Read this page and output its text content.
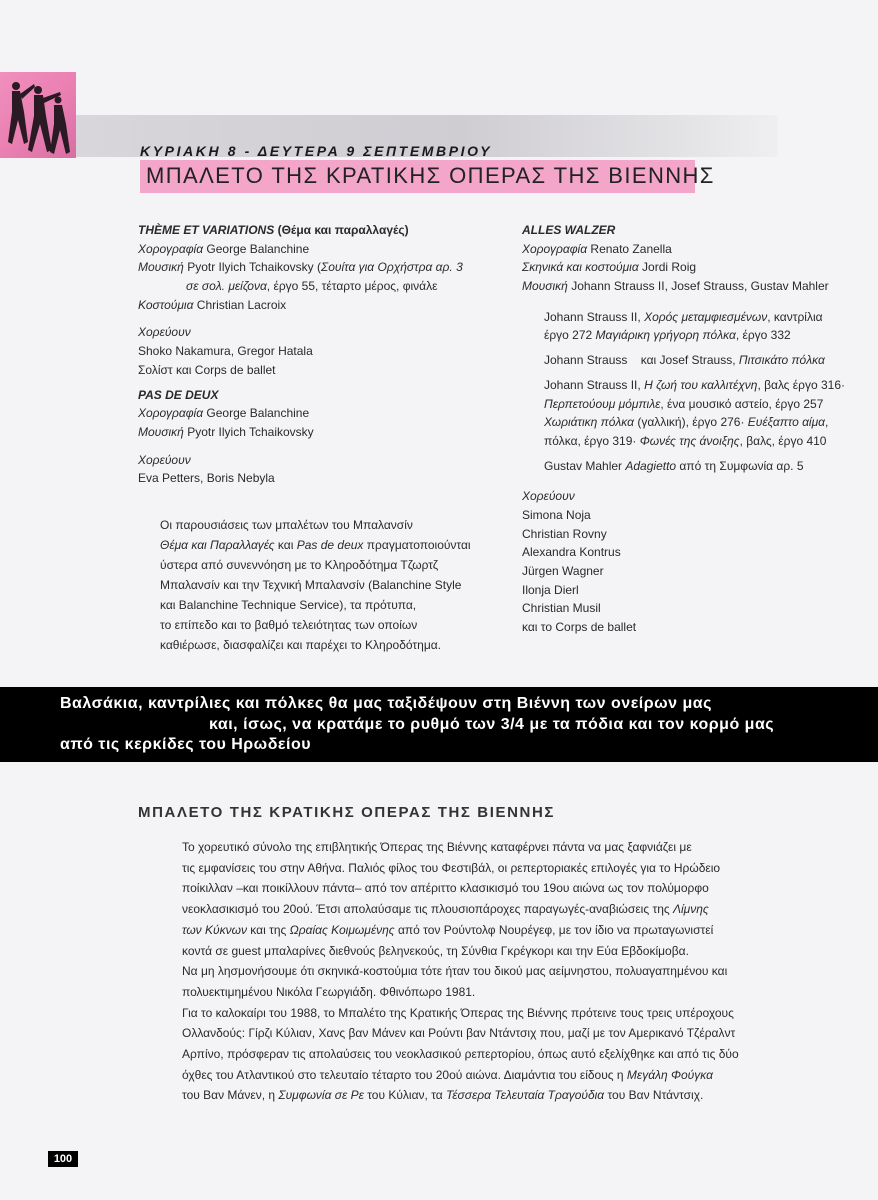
ΚΥΡΙΑΚΗ 8 - ΔΕΥΤΕΡΑ 9 ΣΕΠΤΕΜΒΡΙΟΥ
ΜΠΑΛΕΤΟ ΤΗΣ ΚΡΑΤΙΚΗΣ ΟΠΕΡΑΣ ΤΗΣ ΒΙΕΝΝΗΣ
THÈME ET VARIATIONS (Θέμα και παραλλαγές)
Χορογραφία George Balanchine
Μουσική Pyotr Ilyich Tchaikovsky (Σουίτα για Ορχήστρα αρ. 3
σε σολ. μείζονα, έργο 55, τέταρτο μέρος, φινάλε
Κοστούμια Christian Lacroix
Χορεύουν
Shoko Nakamura, Gregor Hatala
Σολίστ και Corps de ballet
PAS DE DEUX
Χορογραφία George Balanchine
Μουσική Pyotr Ilyich Tchaikovsky
Χορεύουν
Eva Petters, Boris Nebyla
Οι παρουσιάσεις των μπαλέτων του Μπαλανσίν
Θέμα και Παραλλαγές και Pas de deux πραγματοποιούνται
ύστερα από συνεννόηση με το Κληροδότημα Τζωρτζ
Μπαλανσίν και την Τεχνική Μπαλανσίν (Balanchine Style
και Balanchine Technique Service), τα πρότυπα,
το επίπεδο και το βαθμό τελειότητας των οποίων
καθιέρωσε, διασφαλίζει και παρέχει το Κληροδότημα.
ALLES WALZER
Χορογραφία Renato Zanella
Σκηνικά και κοστούμια Jordi Roig
Μουσική Johann Strauss II, Josef Strauss, Gustav Mahler
Johann Strauss II, Χορός μεταμφιεσμένων, καντρίλια
έργο 272 Μαγιάρικη γρήγορη πόλκα, έργο 332
Johann Strauss και Josef Strauss, Πιτσικάτο πόλκα
Johann Strauss II, Η ζωή του καλλιτέχνη, βαλς έργο 316·
Περπετούουμ μόμπιλε, ένα μουσικό αστείο, έργο 257
Χωριάτικη πόλκα (γαλλική), έργο 276· Ευέξαπτο αίμα,
πόλκα, έργο 319· Φωνές της άνοιξης, βαλς, έργο 410
Gustav Mahler Adagietto από τη Συμφωνία αρ. 5
Χορεύουν
Simona Noja
Christian Rovny
Alexandra Kontrus
Jürgen Wagner
Ilonja Dierl
Christian Musil
και το Corps de ballet
Βαλσάκια, καντρίλιες και πόλκες θα μας ταξιδέψουν στη Βιέννη των ονείρων μας
και, ίσως, να κρατάμε το ρυθμό των 3/4 με τα πόδια και τον κορμό μας
από τις κερκίδες του Ηρωδείου
ΜΠΑΛΕΤΟ ΤΗΣ ΚΡΑΤΙΚΗΣ ΟΠΕΡΑΣ ΤΗΣ ΒΙΕΝΝΗΣ
Το χορευτικό σύνολο της επιβλητικής Όπερας της Βιέννης καταφέρνει πάντα να μας ξαφνιάζει με
τις εμφανίσεις του στην Αθήνα. Παλιός φίλος του Φεστιβάλ, οι ρεπερτοριακές επιλογές για το Ηρώδειο
ποίκιλλαν –και ποικίλλουν πάντα– από τον απέριττο κλασικισμό του 19ου αιώνα ως τον πολύμορφο
νεοκλασικισμό του 20ού. Έτσι απολαύσαμε τις πλουσιοπάροχες παραγωγές-αναβιώσεις της Λίμνης
των Κύκνων και της Ωραίας Κοιμωμένης από τον Ρούντολφ Νουρέγεφ, με τον ίδιο να πρωταγωνιστεί
κοντά σε guest μπαλαρίνες διεθνούς βεληνεκούς, τη Σύνθια Γκρέγκορι και την Εύα Εβδοκίμοβα.
Να μη λησμονήσουμε ότι σκηνικά-κοστούμια τότε ήταν του δικού μας αείμνηστου, πολυαγαπημένου και
πολυεκτιμημένου Νικόλα Γεωργιάδη. Φθινόπωρο 1981.
Για το καλοκαίρι του 1988, το Μπαλέτο της Κρατικής Όπερας της Βιέννης πρότεινε τους τρεις υπέροχους
Ολλανδούς: Γίρζι Κύλιαν, Χανς βαν Μάνεν και Ρούντι βαν Ντάντσιχ που, μαζί με τον Αμερικανό Τζέραλντ
Αρπίνο, πρόσφεραν τις απολαύσεις του νεοκλασικού ρεπερτορίου, όπως αυτό εξελίχθηκε και από τις δύο
όχθες του Ατλαντικού στο τελευταίο τέταρτο του 20ού αιώνα. Διαμάντια του είδους η Μεγάλη Φούγκα
του Βαν Μάνεν, η Συμφωνία σε Ρε του Κύλιαν, τα Τέσσερα Τελευταία Τραγούδια του Βαν Ντάντσιχ.
100
